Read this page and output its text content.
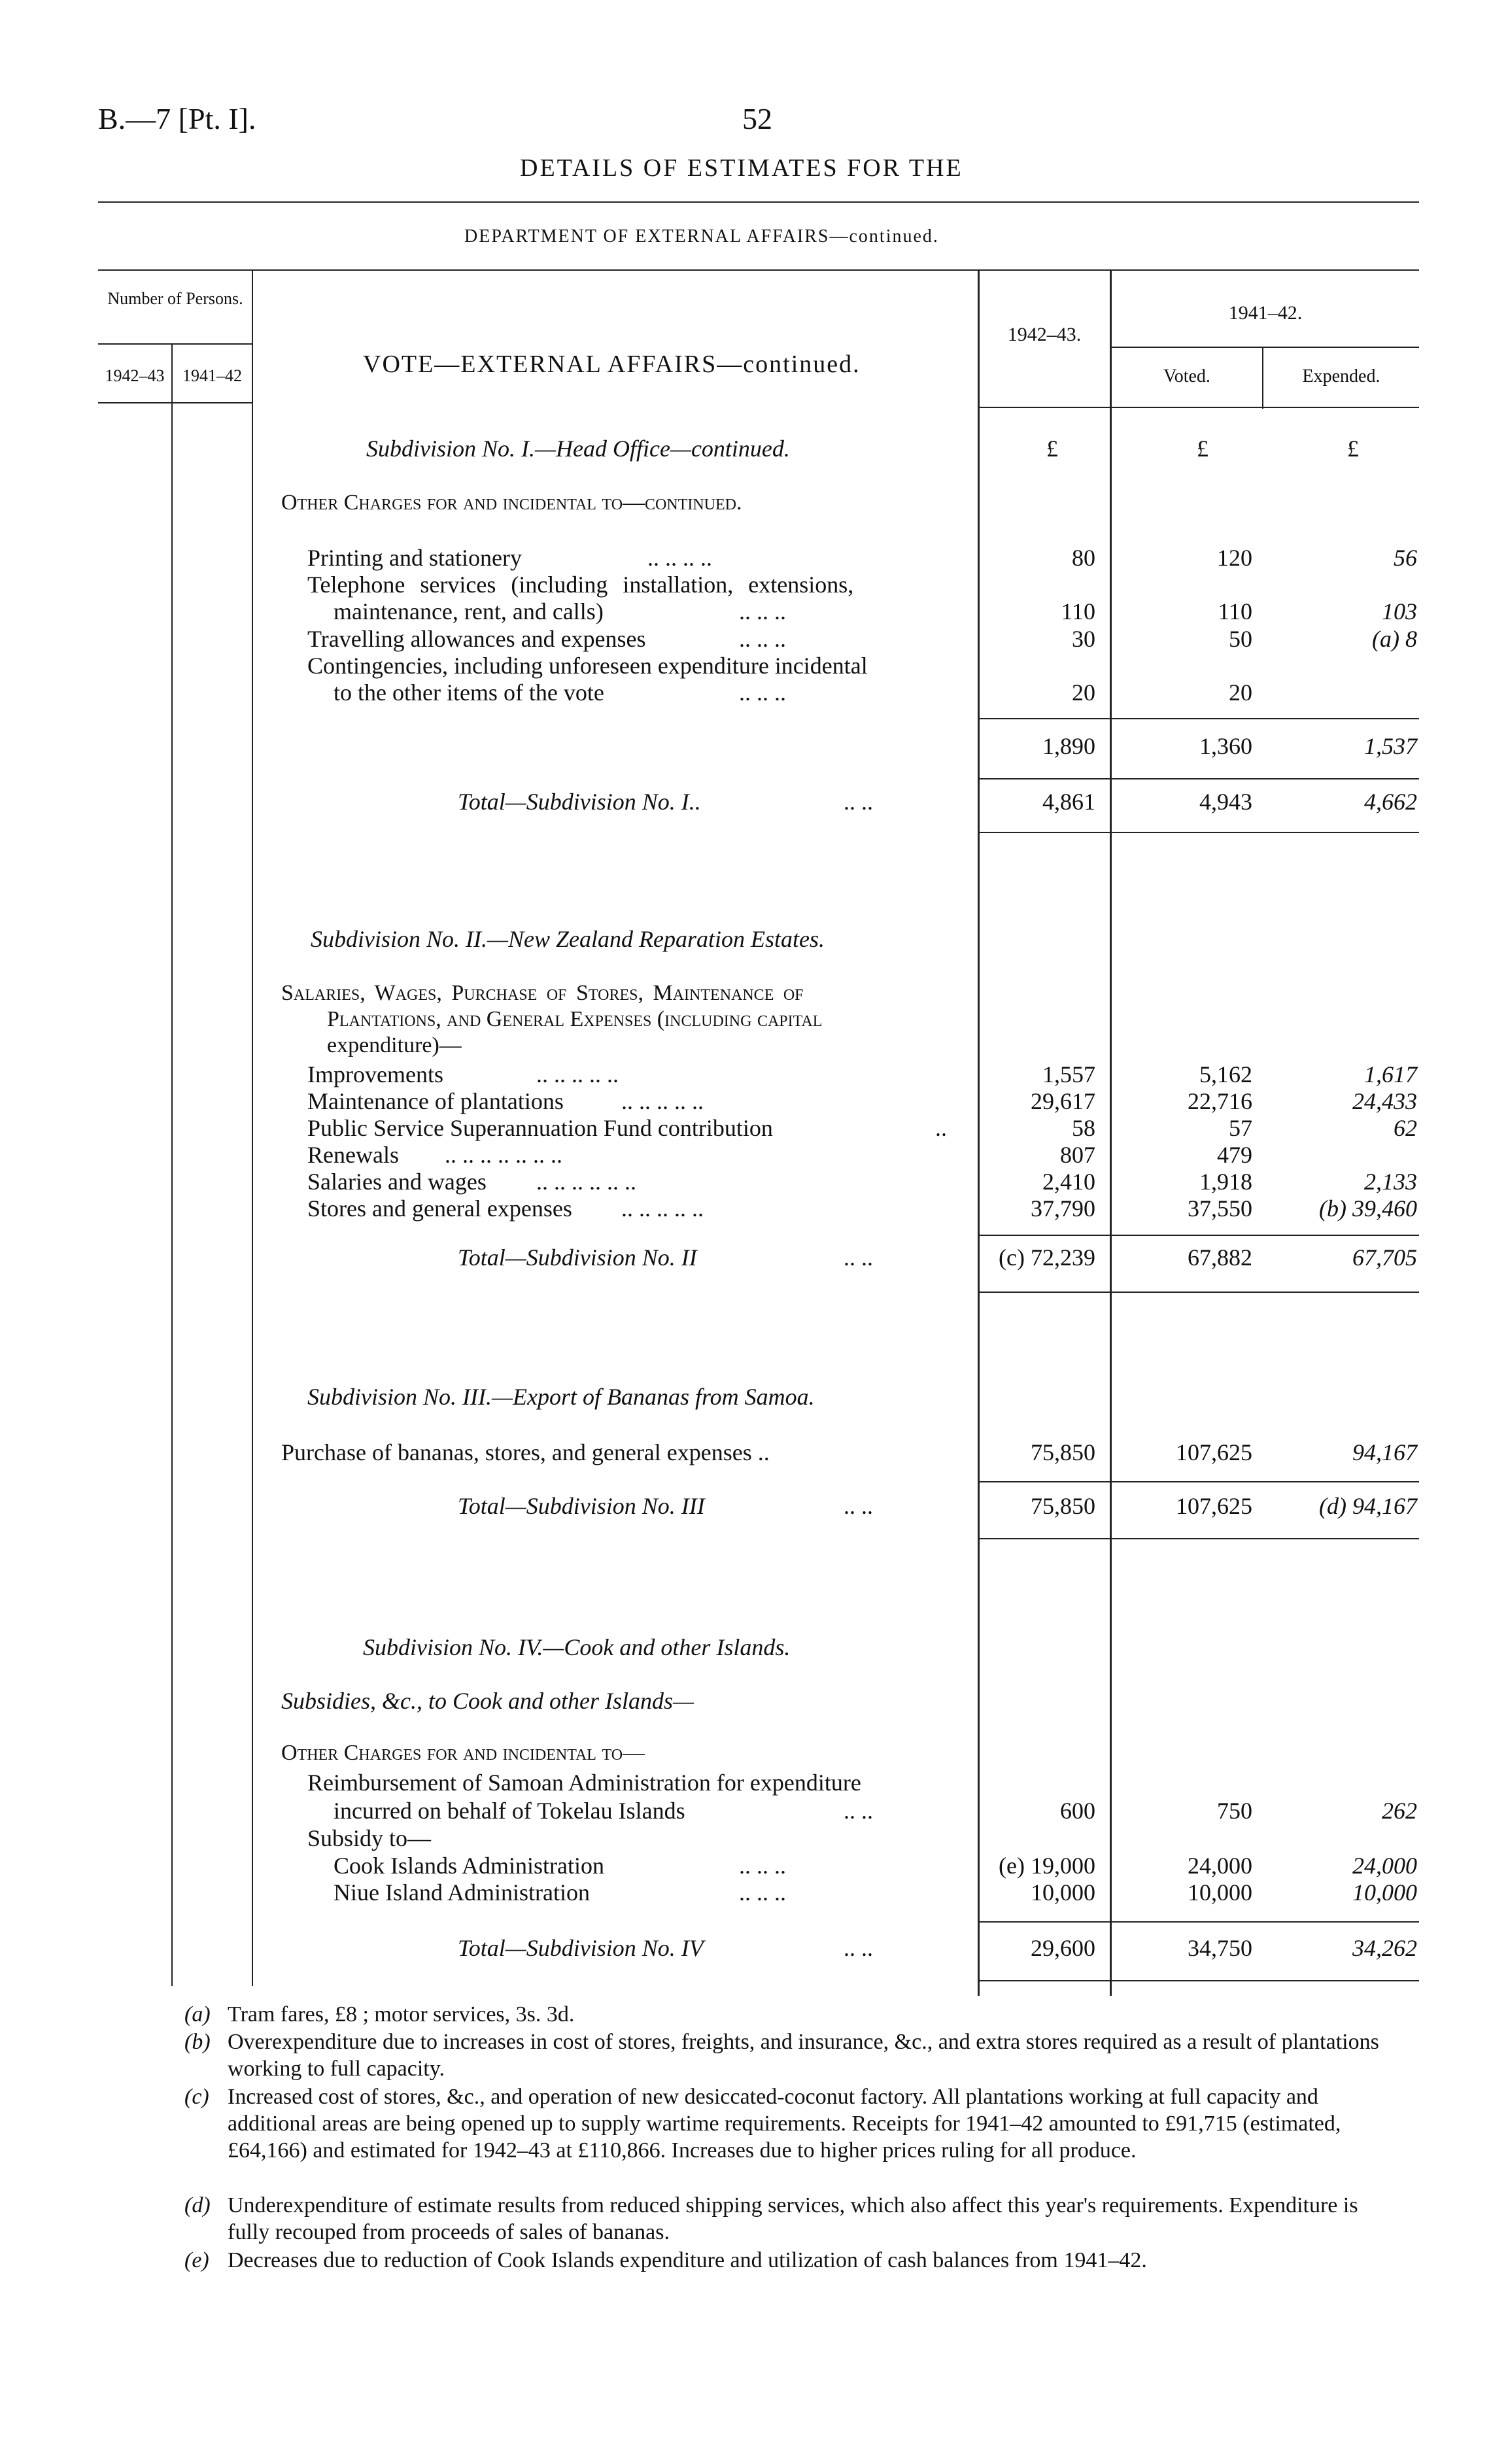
B.—7 [Pt. I].	52
DETAILS OF ESTIMATES FOR THE
DEPARTMENT OF EXTERNAL AFFAIRS—continued.
Number of Persons.
1942–43	1941–42	VOTE—EXTERNAL AFFAIRS—continued.
1942–43.
1941–42.
Voted.	Expended.
Subdivision No. I.—Head Office—continued.	£	£	£
Other Charges for and incidental to—continued.
Printing and stationery	.. .. .. ..	80	120	56
Telephone services (including installation, extensions,
maintenance, rent, and calls)	.. .. ..	110	110	103
Travelling allowances and expenses	.. .. ..	30	50	(a) 8
Contingencies, including unforeseen expenditure incidental
to the other items of the vote	.. .. ..	20	20
1,890	1,360	1,537
Total—Subdivision No. I..	.. ..	4,861	4,943	4,662
Subdivision No. II.—New Zealand Reparation Estates.
Salaries, Wages, Purchase of Stores, Maintenance of
Plantations, and General Expenses (including capital
expenditure)—
Improvements	.. .. .. .. ..	1,557	5,162	1,617
Maintenance of plantations .. .. .. .. ..	29,617	22,716	24,433
Public Service Superannuation Fund contribution	..	58	57	62
Renewals .. .. .. .. .. .. ..	807	479
Salaries and wages .. .. .. .. .. ..	2,410	1,918	2,133
Stores and general expenses .. .. .. .. ..	37,790	37,550	(b) 39,460
Total—Subdivision No. II	.. ..	(c) 72,239	67,882	67,705
Subdivision No. III.—Export of Bananas from Samoa.
Purchase of bananas, stores, and general expenses ..	75,850	107,625	94,167
Total—Subdivision No. III	.. ..	75,850	107,625	(d) 94,167
Subdivision No. IV.—Cook and other Islands.
Subsidies, &c., to Cook and other Islands—
Other Charges for and incidental to—
Reimbursement of Samoan Administration for expenditure
incurred on behalf of Tokelau Islands	.. ..	600	750	262
Subsidy to—
Cook Islands Administration	.. .. ..	(e) 19,000	24,000	24,000
Niue Island Administration	.. .. ..	10,000	10,000	10,000
Total—Subdivision No. IV	.. ..	29,600	34,750	34,262
(a) Tram fares, £8 ; motor services, 3s. 3d.
(b) Overexpenditure due to increases in cost of stores, freights, and insurance, &c., and extra stores required as a result of plantations working to full capacity.
(c) Increased cost of stores, &c., and operation of new desiccated-coconut factory. All plantations working at full capacity and additional areas are being opened up to supply wartime requirements. Receipts for 1941–42 amounted to £91,715 (estimated, £64,166) and estimated for 1942–43 at £110,866. Increases due to higher prices ruling for all produce.
(d) Underexpenditure of estimate results from reduced shipping services, which also affect this year's requirements. Expenditure is fully recouped from proceeds of sales of bananas.
(e) Decreases due to reduction of Cook Islands expenditure and utilization of cash balances from 1941–42.
